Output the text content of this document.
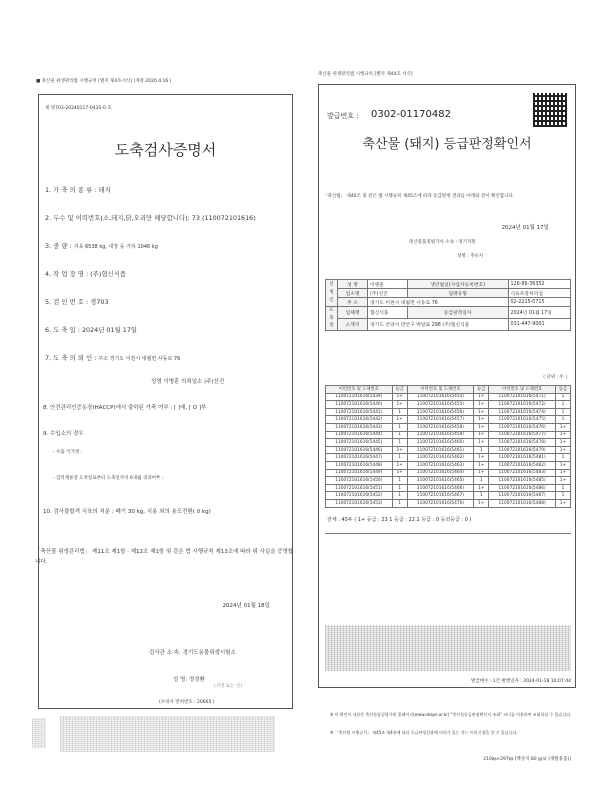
■ 축산물 위생관리법 시행규칙 [별지 제4호서식] (개정 2020.4.16.)
제 영703-20240117-0435-0 호
도축검사증명서
1. 가 축 의 종 류 : 돼지
2. 두수 및 이력번호(소,돼지,닭,오리만 해당합니다): 73 (110072101616)
3. 중 량 : 지육 6538 kg, 내장 등 가하 1046 kg
4. 작 업 장 명 : (주)협신식품
5. 검 인 번 호 : 경703
6. 도 축 일 : 2024년 01월 17일
7. 도 축 의 뢰 인 : 주소 경기도 이천시 대월면 사동로 76
성명 이병훈 의뢰일소 (주)선진
8. 안전관리인증농장(HACCP)에서 출하된 가축 여부 : [ ]예, [ O ]부
9. 수입소의 경우
- 수출 국가명 :
- 검역계류장 도착일로부터 도축일까지 6개월 경과여부 :
10. 검사불합격 식육의 처분 : 폐기 30 kg, 식용 외의 용도전환( 0 kg)
「축산물 위생관리법」 제11조 제1항 · 제12조 제1항 및 같은 법 시행규칙 제13조에 따라 위 사실을 증명합니다.
2024년 01월 18일
검사관 소 속: 경기도동물위생시험소
성 명: 정경환
(서명 또는 인)
(수의사 면허번호 : 20665 )
축산물 위생관리법 시행규칙 [별지 제44호 서식]
발급번호 : 0302-01170482
축산물 (돼지) 등급판정확인서
「축산법」 제40조 및 같은 법 시행규칙 제45조에 따라 등급판정 결과를 아래와 같이 확인합니다.
2024년 01월 17일
축산물품질평가사 소속 : 경기지원
성명 : 추유지
신청인	성 명	이병훈	생년월일(사업자등록번호)	126-86-36352
	업소명	(주)선진	업태유형	식육포장처리업
	주 소	경기도 이천시 대월면 사동로 76		02-2225-0715
도축장	업체명	협신식품	등급판정일자	2024년 01월 17일
	소재지	경기도 안양시 만안구 박달로 298 (주)협신식품		031-447-9001
( 단위 : 두 )
이력번호 및 도체번호	등급	이력번호 및 도체번호	등급	이력번호 및 도체번호	등급
110072101616(5439)	1+	110072101616(5454)	1+	110072101616(5471)	1
110072101616(5440)	1+	110072101616(5455)	1+	110072101616(5472)	1
110072101616(5441)	1	110072101616(5456)	1+	110072101616(5474)	1
110072101616(5442)	1+	110072101616(5457)	1+	110072101616(5475)	1
110072101616(5443)	1	110072101616(5458)	1+	110072101616(5476)	1+
110072101616(5444)	1	110072101616(5459)	1+	110072101616(5477)	1+
110072101616(5445)	1	110072101616(5460)	1+	110072101616(5478)	1+
110072101616(5446)	1+	110072101616(5461)	1	110072101616(5479)	1+
110072101616(5447)	1	110072101616(5462)	1+	110072101616(5481)	1
110072101616(5448)	1+	110072101616(5463)	1+	110072101616(5482)	1+
110072101616(5449)	1+	110072101616(5464)	1+	110072101616(5483)	1+
110072101616(5450)	1	110072101616(5465)	1	110072101616(5485)	1+
110072101616(5451)	1	110072101616(5466)	1+	110072101616(5486)	1
110072101616(5452)	1	110072101616(5467)	1	110072101616(5487)	1
110072101616(5453)	1	110072101616(5470)	1+	110072101616(5488)	1+
전체 : 45두 ( 1+ 등급 : 23 1 등급 : 22 2 등급 : 0 등외등급 : 0 )
발급매수 : 1건 발행일자 : 2024-01-18 10:07:44
※ 이 확인서 내용은 축산물품질평가원 홈페이지(www.ekape.or.kr) "축산물등급판정확인서 조회" 코너를 이용하여 조회하실 수 있습니다.
※ 「축산법 시행규칙」 제45조 제4항에 따라 등급판정결과에 이의가 있는 자는 이의신청을 할 수 있습니다.
210㎜×297㎜ [백상지 80 g/㎡ (재활용품)]
